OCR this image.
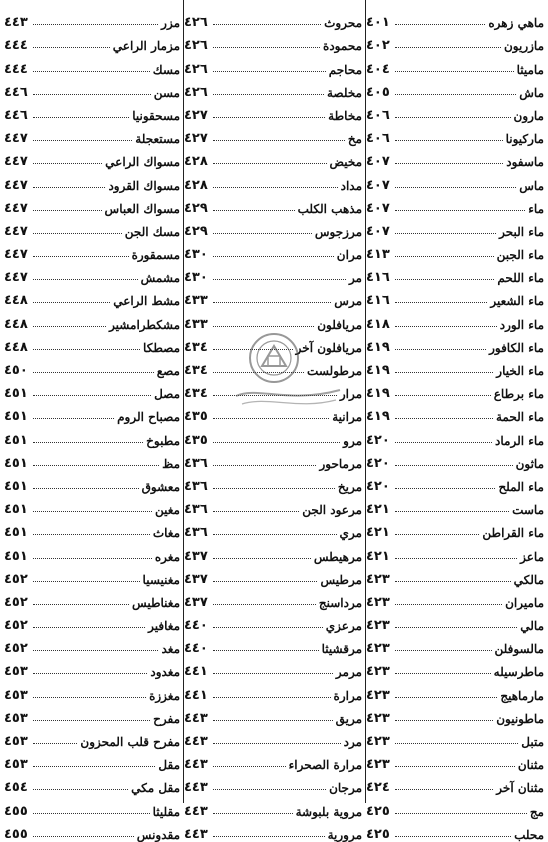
ماهي زهره
٤٠١
مازريون
٤٠٢
ماميثا
٤٠٤
ماش
٤٠٥
مارون
٤٠٦
ماركيونا
٤٠٦
ماسفود
٤٠٧
ماس
٤٠٧
ماء
٤٠٧
ماء البحر
٤٠٧
ماء الجبن
٤١٣
ماء اللحم
٤١٦
ماء الشعير
٤١٦
ماء الورد
٤١٨
ماء الكافور
٤١٩
ماء الخيار
٤١٩
ماء برطاع
٤١٩
ماء الحمة
٤١٩
ماء الرماد
٤٢٠
ماثون
٤٢٠
ماء الملح
٤٢٠
ماست
٤٢١
ماء القراطن
٤٢١
ماعز
٤٢١
مالكي
٤٢٣
ماميران
٤٢٣
مالي
٤٢٣
مالسوفلن
٤٢٣
ماطرسيله
٤٢٣
مارماهيج
٤٢٣
ماطونيون
٤٢٣
متبل
٤٢٣
مثنان
٤٢٣
مثنان آخر
٤٢٤
مج
٤٢٥
محلب
٤٢٥
محروث
٤٢٦
محمودة
٤٢٦
محاجم
٤٢٦
مخلصة
٤٢٦
مخاطة
٤٢٧
مخ
٤٢٧
مخيض
٤٢٨
مداد
٤٢٨
مذهب الكلب
٤٢٩
مرزجوس
٤٢٩
مران
٤٣٠
مر
٤٣٠
مرس
٤٣٣
مريافلون
٤٣٣
مريافلون آخر
٤٣٤
مرطولست
٤٣٤
مرار
٤٣٤
مرانية
٤٣٥
مرو
٤٣٥
مرماحور
٤٣٦
مريخ
٤٣٦
مرعود الجن
٤٣٦
مري
٤٣٦
مرهيطس
٤٣٧
مرطيس
٤٣٧
مرداسنج
٤٣٧
مرعزي
٤٤٠
مرقشيثا
٤٤٠
مرمر
٤٤١
مرارة
٤٤١
مريق
٤٤٣
مرد
٤٤٣
مرارة الصحراء
٤٤٣
مرجان
٤٤٣
مروية بلبوشة
٤٤٣
مرورية
٤٤٣
مزر
٤٤٣
مزمار الراعي
٤٤٤
مسك
٤٤٤
مسن
٤٤٦
مسحقونيا
٤٤٦
مستعجلة
٤٤٧
مسواك الراعي
٤٤٧
مسواك القرود
٤٤٧
مسواك العباس
٤٤٧
مسك الجن
٤٤٧
مسمقورة
٤٤٧
مشمش
٤٤٧
مشط الراعي
٤٤٨
مشكطرامشير
٤٤٨
مصطكا
٤٤٨
مصع
٤٥٠
مصل
٤٥١
مصباح الروم
٤٥١
مطبوخ
٤٥١
مظ
٤٥١
معشوق
٤٥١
مغين
٤٥١
مغاث
٤٥١
مغره
٤٥١
مغنيسيا
٤٥٢
مغناطيس
٤٥٢
مغافير
٤٥٢
مغد
٤٥٢
مغدود
٤٥٣
مغززة
٤٥٣
مفرح
٤٥٣
مفرح قلب المحزون
٤٥٣
مقل
٤٥٣
مقل مكي
٤٥٤
مقليثا
٤٥٥
مقدونس
٤٥٥
